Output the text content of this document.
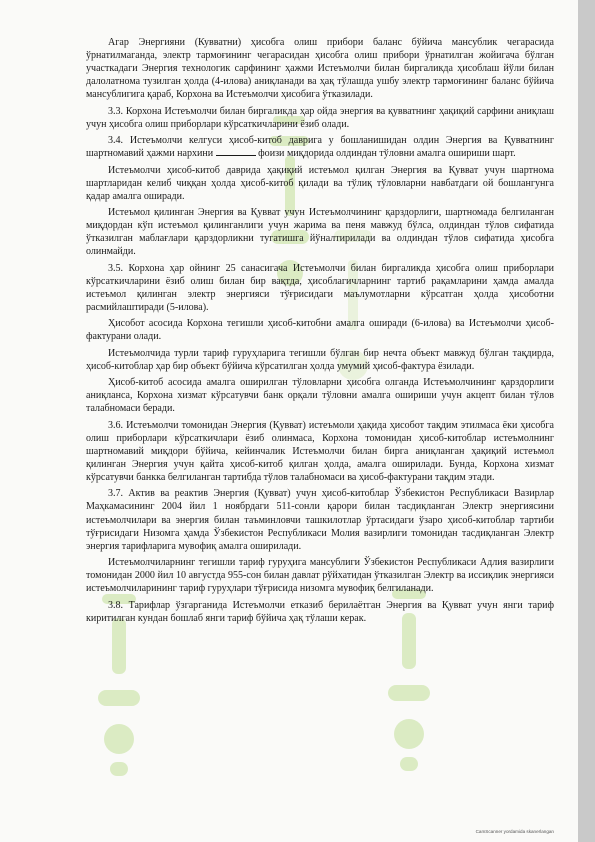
Агар Энергияни (Кувватни) ҳисобга олиш прибори баланс бўйича мансублик чегарасида ўрнатилмаганда, электр тармоғининг чегарасидан ҳисобга олиш прибори ўрнатилган жойигача бўлган участкадаги Энергия технологик сарфининг ҳажми Истеъмолчи билан биргаликда ҳисоблаш йўли билан далолатнома тузилган ҳолда (4-илова) аниқланади ва ҳақ тўлашда ушбу электр тармоғининг баланс бўйича мансублигига қараб, Корхона ва Истеъмолчи ҳисобига ўтказилади.

3.3. Корхона Истеъмолчи билан биргаликда ҳар ойда энергия ва қувватнинг ҳақиқий сарфини аниқлаш учун ҳисобга олиш приборлари кўрсаткичларини ёзиб олади.

3.4. Истеъмолчи келгуси ҳисоб-китоб даврига у бошланишидан олдин Энергия ва Қувватнинг шартномавий ҳажми нархини	фоизи миқдорида олдиндан тўловни амалга ошириши шарт.

Истеъмолчи ҳисоб-китоб даврида ҳақиқий истеъмол қилган Энергия ва Қувват учун шартнома шартларидан келиб чиққан ҳолда ҳисоб-китоб қилади ва тўлиқ тўловларни навбатдаги ой бошлангунга қадар амалга оширади.

Истеъмол қилинган Энергия ва Қувват учун Истеъмолчининг қарздорлиги, шартномада белгиланган миқдордан кўп истеъмол қилинганлиги учун жарима ва пеня мавжуд бўлса, олдиндан тўлов сифатида ўтказилган маблағлари қарздорликни тугатишга йўналтирилади ва олдиндан тўлов сифатида ҳисобга олинмайди.

3.5. Корхона ҳар ойнинг 25 санасигача Истеъмолчи билан биргаликда ҳисобга олиш приборлари кўрсаткичларини ёзиб олиш билан бир вақтда, ҳисоблагичларнинг тартиб рақамларини ҳамда амалда истеъмол қилинган электр энергияси тўғрисидаги маълумотларни кўрсатган ҳолда ҳисоботни расмийлаштиради (5-илова).

Ҳисобот асосида Корхона тегишли ҳисоб-китобни амалга оширади (6-илова) ва Истеъмолчи ҳисоб-фактурани олади.

Истеъмолчида турли тариф гуруҳларига тегишли бўлган бир нечта объект мавжуд бўлган тақдирда, ҳисоб-китоблар ҳар бир объект бўйича кўрсатилган ҳолда умумий ҳисоб-фактура ёзилади.

Ҳисоб-китоб асосида амалга оширилган тўловларни ҳисобга олганда Истеъмолчининг қарздорлиги аниқланса, Корхона хизмат кўрсатувчи банк орқали тўловни амалга ошириши учун акцепт билан тўлов талабномаси беради.

3.6. Истеъмолчи томонидан Энергия (Қувват) истеъмоли ҳақида ҳисобот тақдим этилмаса ёки ҳисобга олиш приборлари кўрсаткичлари ёзиб олинмаса, Корхона томонидан ҳисоб-китоблар истеъмолнинг шартномавий миқдори бўйича, кейинчалик Истеъмолчи билан бирга аниқланган ҳақиқий истеъмол қилинган Энергия учун қайта ҳисоб-китоб қилган ҳолда, амалга оширилади. Бунда, Корхона хизмат кўрсатувчи банкка белгиланган тартибда тўлов талабномаси ва ҳисоб-фактурани тақдим этади.

3.7. Актив ва реактив Энергия (Қувват) учун ҳисоб-китоблар Ўзбекистон Республикаси Вазирлар Маҳкамасининг 2004 йил 1 ноябрдаги 511-сонли қарори билан тасдиқланган Электр энергиясини истеъмолчилари ва энергия билан таъминловчи ташкилотлар ўртасидаги ўзаро ҳисоб-китоблар тартиби тўғрисидаги Низомга ҳамда Ўзбекистон Республикаси Молия вазирлиги томонидан тасдиқланган Электр энергия тарифларига мувофиқ амалга оширилади.

Истеъмолчиларнинг тегишли тариф гуруҳига мансублиги Ўзбекистон Республикаси Адлия вазирлиги томонидан 2000 йил 10 августда 955-сон билан давлат рўйхатидан ўтказилган Электр ва иссиқлик энергияси истеъмолчиларининг тариф гуруҳлари тўғрисида низомга мувофиқ белгиланади.

3.8. Тарифлар ўзгарганида Истеъмолчи етказиб берилаётган Энергия ва Қувват учун янги тариф киритилган кундан бошлаб янги тариф бўйича ҳақ тўлаши керак.

CamScanner yordamida skanerlangan
